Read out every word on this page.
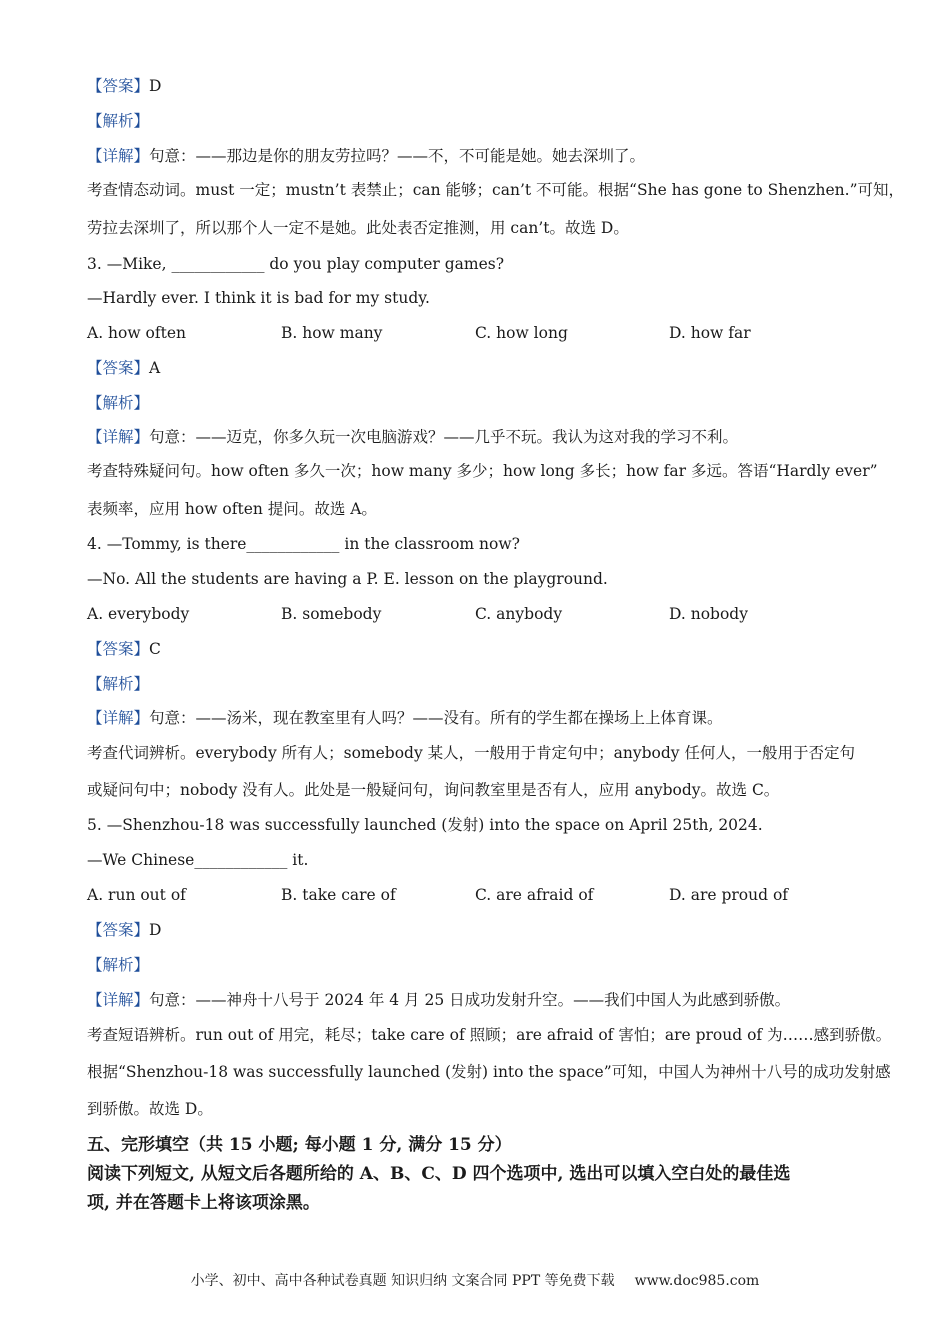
【答案】D
【解析】
【详解】句意：——那边是你的朋友劳拉吗？——不，不可能是她。她去深圳了。
考查情态动词。must 一定；mustn’t 表禁止；can 能够；can’t 不可能。根据“She has gone to Shenzhen.”可知，
劳拉去深圳了，所以那个人一定不是她。此处表否定推测，用 can’t。故选 D。
3. —Mike, ____________ do you play computer games?
—Hardly ever. I think it is bad for my study.
A. how often	B. how many	C. how long	D. how far
【答案】A
【解析】
【详解】句意：——迈克，你多久玩一次电脑游戏？——几乎不玩。我认为这对我的学习不利。
考查特殊疑问句。how often 多久一次；how many 多少；how long 多长；how far 多远。答语“Hardly ever”
表频率，应用 how often 提问。故选 A。
4. —Tommy, is there____________ in the classroom now?
—No. All the students are having a P. E. lesson on the playground.
A. everybody	B. somebody	C. anybody	D. nobody
【答案】C
【解析】
【详解】句意：——汤米，现在教室里有人吗？——没有。所有的学生都在操场上上体育课。
考查代词辨析。everybody 所有人；somebody 某人，一般用于肯定句中；anybody 任何人，一般用于否定句
或疑问句中；nobody 没有人。此处是一般疑问句，询问教室里是否有人，应用 anybody。故选 C。
5. —Shenzhou-18 was successfully launched (发射) into the space on April 25th, 2024.
—We Chinese____________ it.
A. run out of	B. take care of	C. are afraid of	D. are proud of
【答案】D
【解析】
【详解】句意：——神舟十八号于 2024 年 4 月 25 日成功发射升空。——我们中国人为此感到骄傲。
考查短语辨析。run out of 用完，耗尽；take care of 照顾；are afraid of 害怕；are proud of 为……感到骄傲。
根据“Shenzhou-18 was successfully launched (发射) into the space”可知，中国人为神州十八号的成功发射感
到骄傲。故选 D。
五、完形填空（共 15 小题; 每小题 1 分, 满分 15 分）
阅读下列短文, 从短文后各题所给的 A、B、C、D 四个选项中, 选出可以填入空白处的最佳选
项, 并在答题卡上将该项涂黑。
小学、初中、高中各种试卷真题 知识归纳 文案合同 PPT 等免费下载 www.doc985.com
